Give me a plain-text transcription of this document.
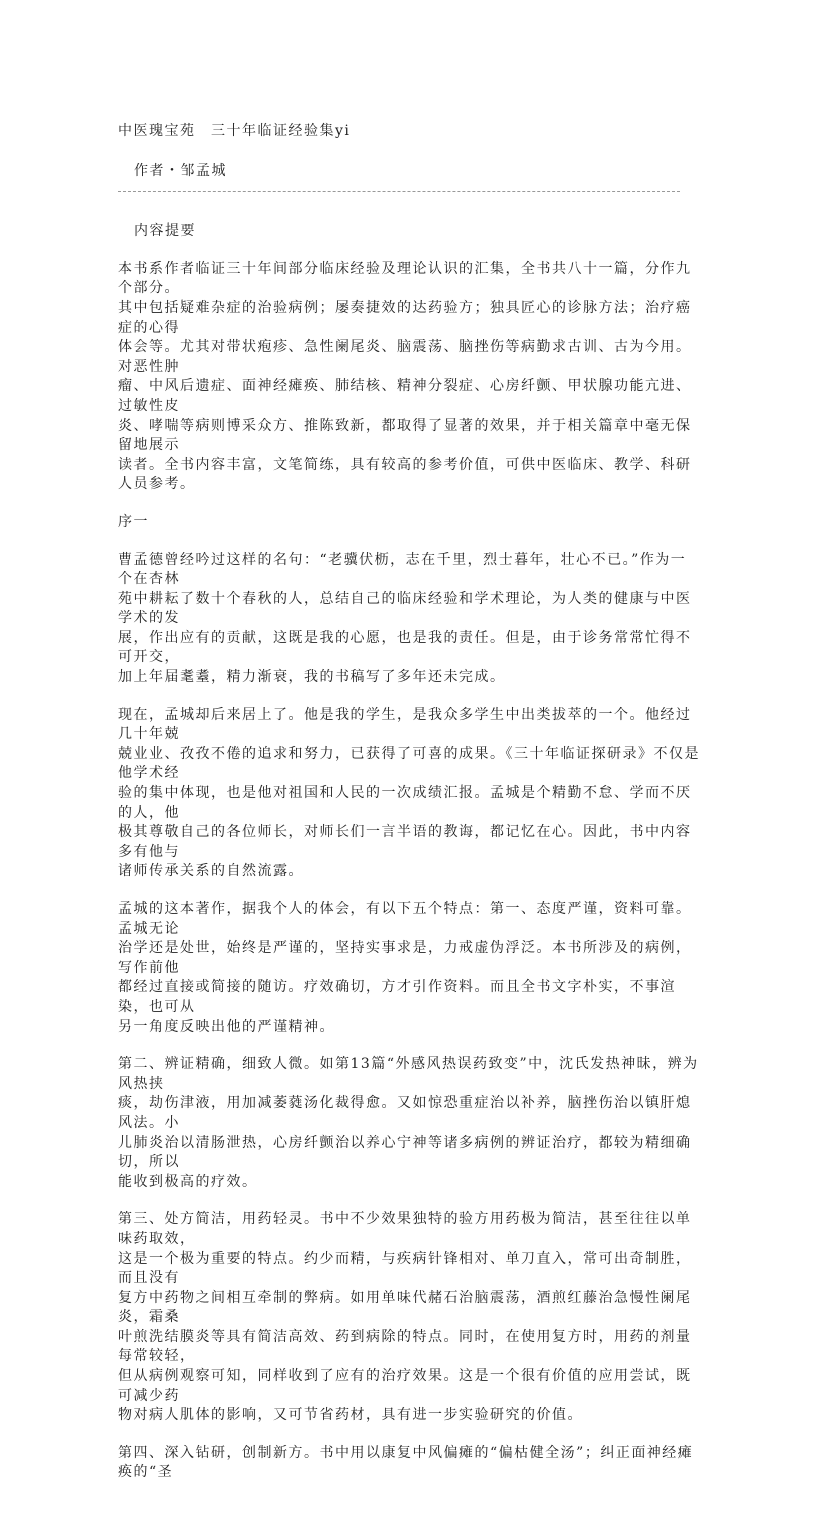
中医瑰宝苑　三十年临证经验集yi
作者・邹孟城
内容提要
本书系作者临证三十年间部分临床经验及理论认识的汇集，全书共八十一篇，分作九个部分。
其中包括疑难杂症的治验病例；屡奏捷效的达药验方；独具匠心的诊脉方法；治疗癌症的心得
体会等。尤其对带状疱疹、急性阑尾炎、脑震荡、脑挫伤等病勤求古训、古为今用。对恶性肿
瘤、中风后遗症、面神经瘫痪、肺结核、精神分裂症、心房纤颤、甲状腺功能亢进、过敏性皮
炎、哮喘等病则博采众方、推陈致新，都取得了显著的效果，并于相关篇章中毫无保留地展示
读者。全书内容丰富，文笔简练，具有较高的参考价值，可供中医临床、教学、科研人员参考。
序一
曹孟德曾经吟过这样的名句：“老骥伏枥，志在千里，烈士暮年，壮心不已。”作为一个在杏林
苑中耕耘了数十个春秋的人，总结自己的临床经验和学术理论，为人类的健康与中医学术的发
展，作出应有的贡献，这既是我的心愿，也是我的责任。但是，由于诊务常常忙得不可开交，
加上年届耄耋，精力渐衰，我的书稿写了多年还未完成。
现在，孟城却后来居上了。他是我的学生，是我众多学生中出类拔萃的一个。他经过几十年兢
兢业业、孜孜不倦的追求和努力，已获得了可喜的成果。《三十年临证探研录》不仅是他学术经
验的集中体现，也是他对祖国和人民的一次成绩汇报。孟城是个精勤不怠、学而不厌的人，他
极其尊敬自己的各位师长，对师长们一言半语的教诲，都记忆在心。因此，书中内容多有他与
诸师传承关系的自然流露。
孟城的这本著作，据我个人的体会，有以下五个特点：第一、态度严谨，资料可靠。孟城无论
治学还是处世，始终是严谨的，坚持实事求是，力戒虚伪浮泛。本书所涉及的病例，写作前他
都经过直接或简接的随访。疗效确切，方才引作资料。而且全书文字朴实，不事渲染，也可从
另一角度反映出他的严谨精神。
第二、辨证精确，细致人微。如第13篇“外感风热误药致变”中，沈氏发热神昧，辨为风热挟
痰，劫伤津液，用加减萎蕤汤化裁得愈。又如惊恐重症治以补养，脑挫伤治以镇肝熄风法。小
儿肺炎治以清肠泄热，心房纤颤治以养心宁神等诸多病例的辨证治疗，都较为精细确切，所以
能收到极高的疗效。
第三、处方简洁，用药轻灵。书中不少效果独特的验方用药极为简洁，甚至往往以单味药取效，
这是一个极为重要的特点。约少而精，与疾病针锋相对、单刀直入，常可出奇制胜，而且没有
复方中药物之间相互牵制的弊病。如用单味代赭石治脑震荡，酒煎红藤治急慢性阑尾炎，霜桑
叶煎洗结膜炎等具有简洁高效、药到病除的特点。同时，在使用复方时，用药的剂量每常较轻，
但从病例观察可知，同样收到了应有的治疗效果。这是一个很有价值的应用尝试，既可减少药
物对病人肌体的影响，又可节省药材，具有进一步实验研究的价值。
第四、深入钻研，创制新方。书中用以康复中风偏瘫的“偏枯健全汤”；纠正面神经瘫痪的“圣
